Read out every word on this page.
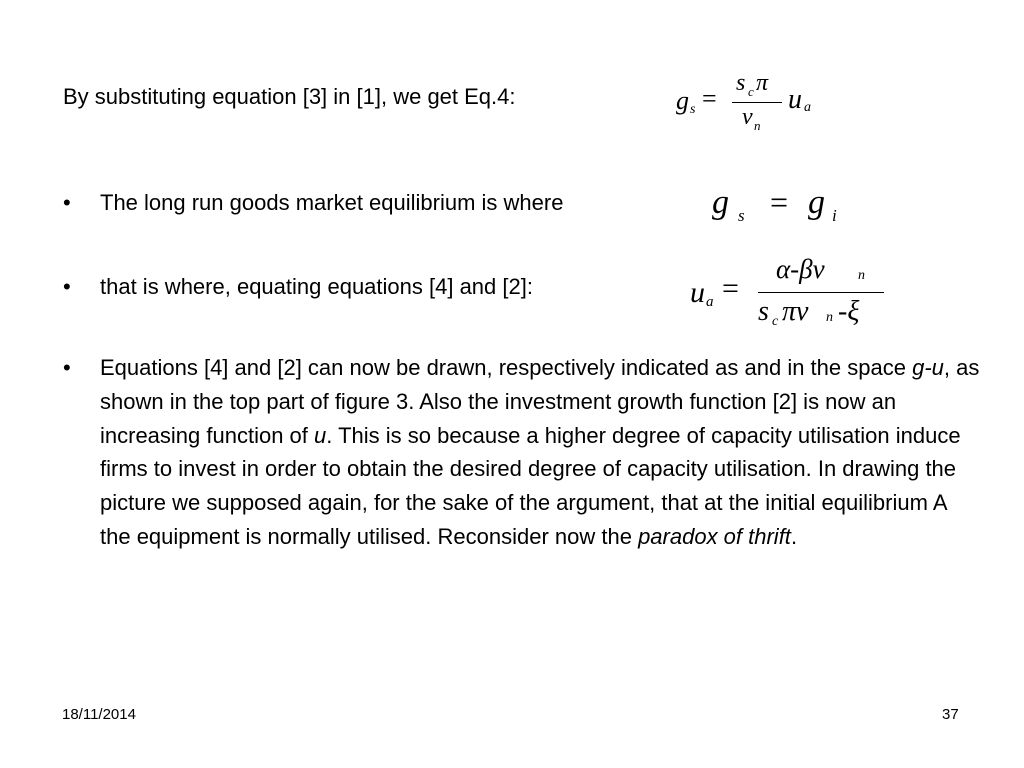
By substituting equation [3] in [1], we get Eq.4:	g s =
s c π
v n
u a
•	The long run goods market equilibrium is where	g s = g i
•	that is where, equating equations [4] and [2]:	u a =
α-βv n
s c πv n -ξ
• Equations [4] and [2] can now be drawn, respectively indicated as and in the space g-u, as shown in the top part of figure 3. Also the investment growth function [2] is now an increasing function of u. This is so because a higher degree of capacity utilisation induce firms to invest in order to obtain the desired degree of capacity utilisation. In drawing the picture we supposed again, for the sake of the argument, that at the initial equilibrium A the equipment is normally utilised. Reconsider now the paradox of thrift.
18/11/2014	37
